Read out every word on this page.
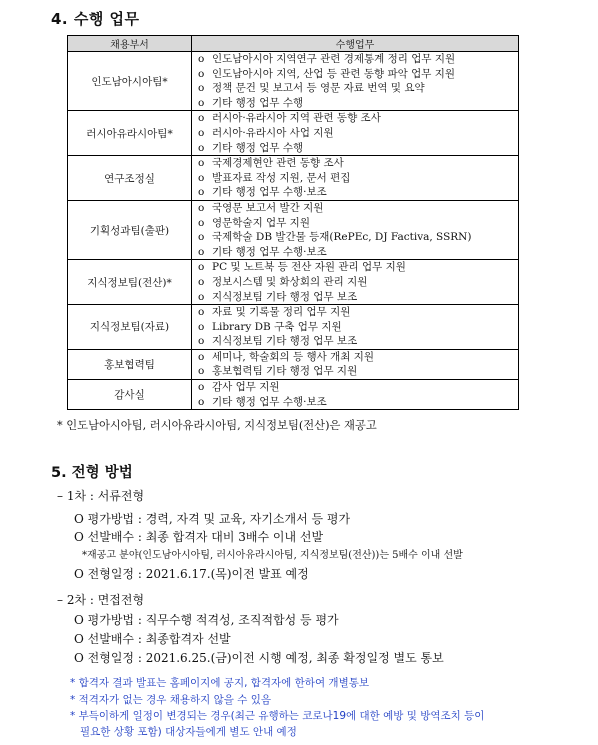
4. 수행 업무
채용부서	수행업무
인도남아시아팀*	o 인도남아시아 지역연구 관련 경제통계 정리 업무 지원
o 인도남아시아 지역, 산업 등 관련 동향 파악 업무 지원
o 정책 문건 및 보고서 등 영문 자료 번역 및 요약
o 기타 행정 업무 수행

러시아유라시아팀*	o 러시아·유라시아 지역 관련 동향 조사
o 러시아·유라시아 사업 지원
o 기타 행정 업무 수행

연구조정실	o 국제경제현안 관련 동향 조사
o 발표자료 작성 지원, 문서 편집
o 기타 행정 업무 수행·보조

기획성과팀(출판)	o 국영문 보고서 발간 지원
o 영문학술지 업무 지원
o 국제학술 DB 발간물 등재(RePEc, DJ Factiva, SSRN)
o 기타 행정 업무 수행·보조

지식정보팀(전산)*	o PC 및 노트북 등 전산 자원 관리 업무 지원
o 정보시스템 및 화상회의 관리 지원
o 지식정보팀 기타 행정 업무 보조

지식정보팀(자료)	o 자료 및 기록물 정리 업무 지원
o Library DB 구축 업무 지원
o 지식정보팀 기타 행정 업무 보조

홍보협력팀	o 세미나, 학술회의 등 행사 개최 지원
o 홍보협력팀 기타 행정 업무 지원

감사실	o 감사 업무 지원
o 기타 행정 업무 수행·보조
* 인도남아시아팀, 러시아유라시아팀, 지식정보팀(전산)은 재공고
5. 전형 방법
– 1차 : 서류전형
O 평가방법 : 경력, 자격 및 교육, 자기소개서 등 평가
O 선발배수 : 최종 합격자 대비 3배수 이내 선발
*재공고 분야(인도남아시아팀, 러시아유라시아팀, 지식정보팀(전산))는 5배수 이내 선발
O 전형일정 : 2021.6.17.(목)이전 발표 예정
– 2차 : 면접전형
O 평가방법 : 직무수행 적격성, 조직적합성 등 평가
O 선발배수 : 최종합격자 선발
O 전형일정 : 2021.6.25.(금)이전 시행 예정, 최종 확정일정 별도 통보
* 합격자 결과 발표는 홈페이지에 공지, 합격자에 한하여 개별통보
* 적격자가 없는 경우 채용하지 않을 수 있음
* 부득이하게 일정이 변경되는 경우(최근 유행하는 코로나19에 대한 예방 및 방역조치 등이
필요한 상황 포함) 대상자들에게 별도 안내 예정
